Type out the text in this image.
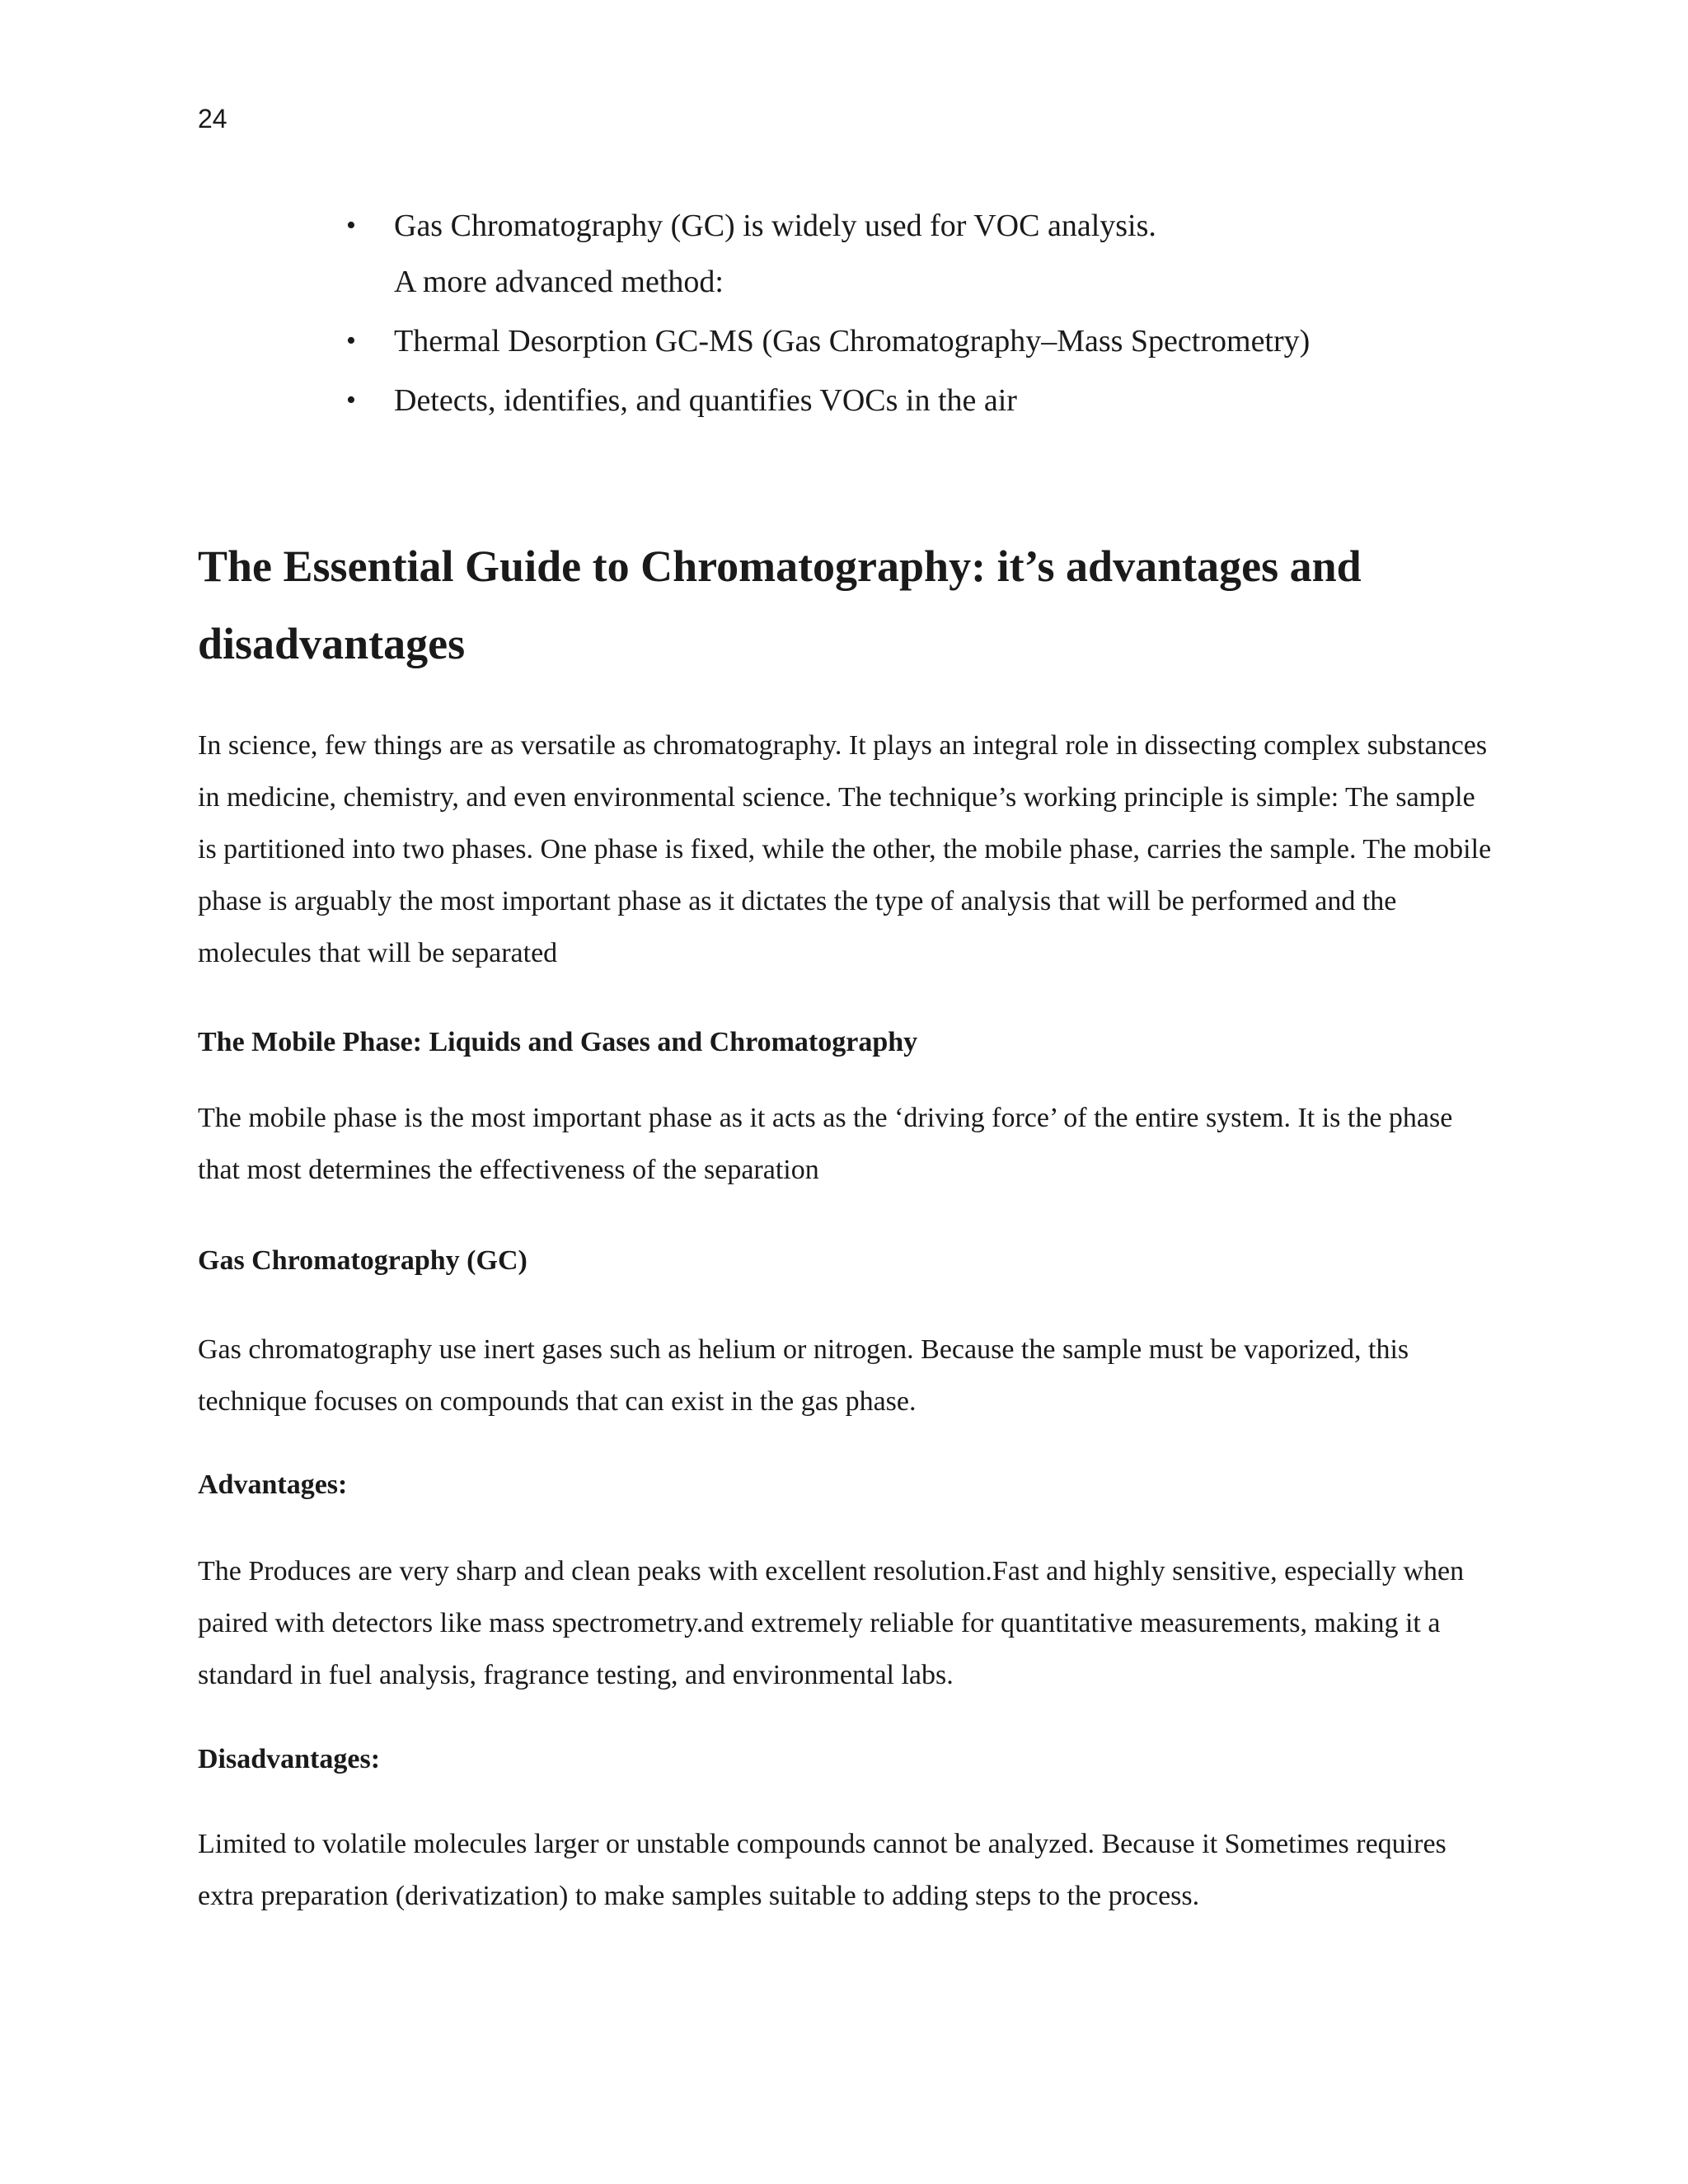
24
•	Gas Chromatography (GC) is widely used for VOC analysis.
A more advanced method:
•	Thermal Desorption GC-MS (Gas Chromatography–Mass Spectrometry)
•	Detects, identifies, and quantifies VOCs in the air
The Essential Guide to Chromatography: it’s advantages and disadvantages

In science, few things are as versatile as chromatography. It plays an integral role in dissecting complex substances in medicine, chemistry, and even environmental science. The technique’s working principle is simple: The sample is partitioned into two phases. One phase is fixed, while the other, the mobile phase, carries the sample. The mobile phase is arguably the most important phase as it dictates the type of analysis that will be performed and the molecules that will be separated

The Mobile Phase: Liquids and Gases and Chromatography

The mobile phase is the most important phase as it acts as the ‘driving force’ of the entire system. It is the phase that most determines the effectiveness of the separation

Gas Chromatography (GC)

Gas chromatography use inert gases such as helium or nitrogen. Because the sample must be vaporized, this technique focuses on compounds that can exist in the gas phase.

Advantages:

The Produces are very sharp and clean peaks with excellent resolution.Fast and highly sensitive, especially when paired with detectors like mass spectrometry.and extremely reliable for quantitative measurements, making it a standard in fuel analysis, fragrance testing, and environmental labs.

Disadvantages:

Limited to volatile molecules larger or unstable compounds cannot be analyzed. Because it Sometimes requires extra preparation (derivatization) to make samples suitable to adding steps to the process.
